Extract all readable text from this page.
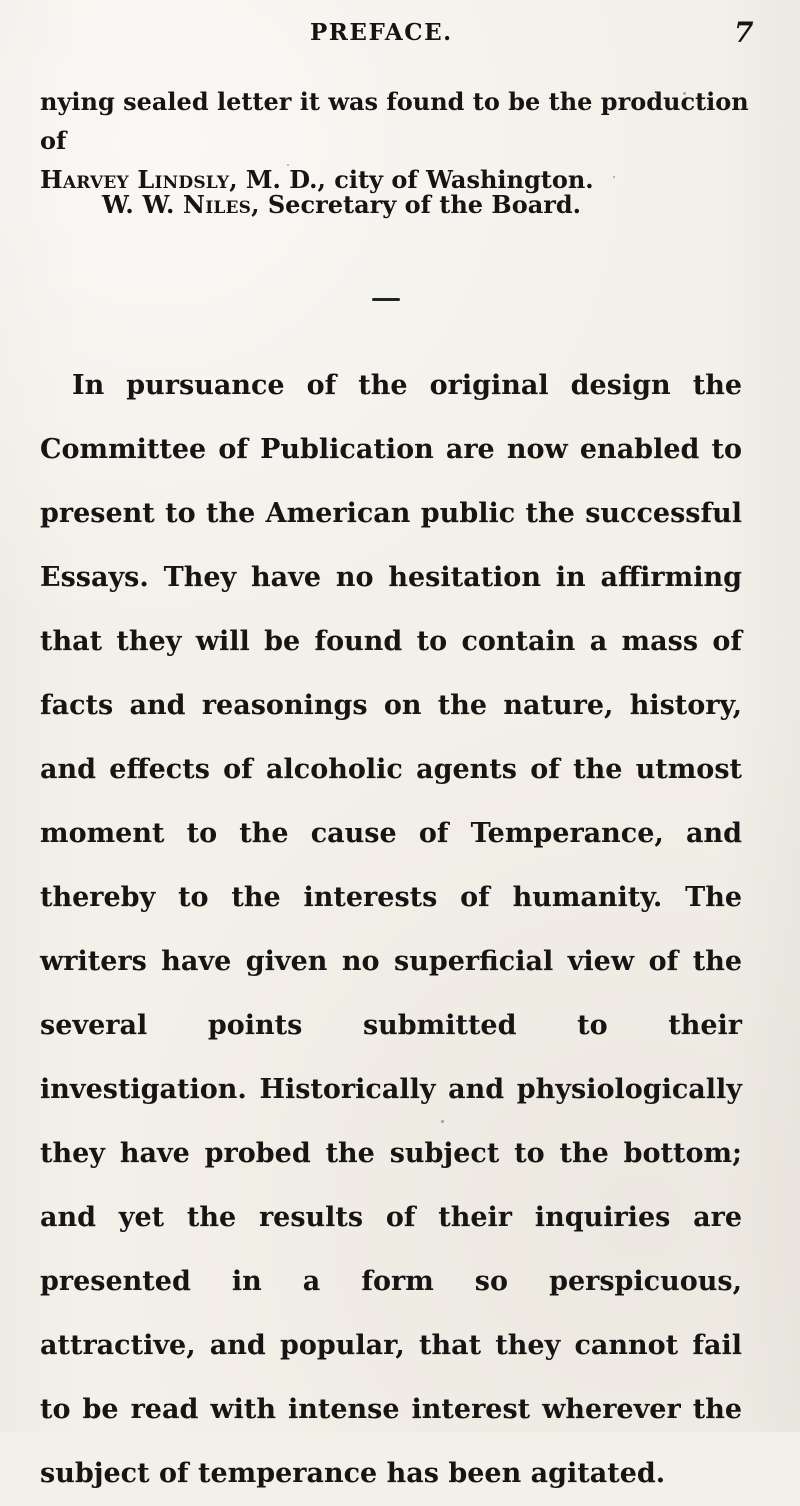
PREFACE.	7
nying sealed letter it was found to be the production of
Harvey Lindsly, M. D., city of Washington.
W. W. Niles, Secretary of the Board.
In pursuance of the original design the Committee of Publication are now enabled to present to the American public the successful Essays. They have no hesitation in affirming that they will be found to contain a mass of facts and reasonings on the nature, history, and effects of alcoholic agents of the utmost moment to the cause of Temperance, and thereby to the interests of humanity. The writers have given no superficial view of the several points submitted to their investigation. Historically and physiologically they have probed the subject to the bottom; and yet the results of their inquiries are presented in a form so perspicuous, attractive, and popular, that they cannot fail to be read with intense interest wherever the subject of temperance has been agitated.
